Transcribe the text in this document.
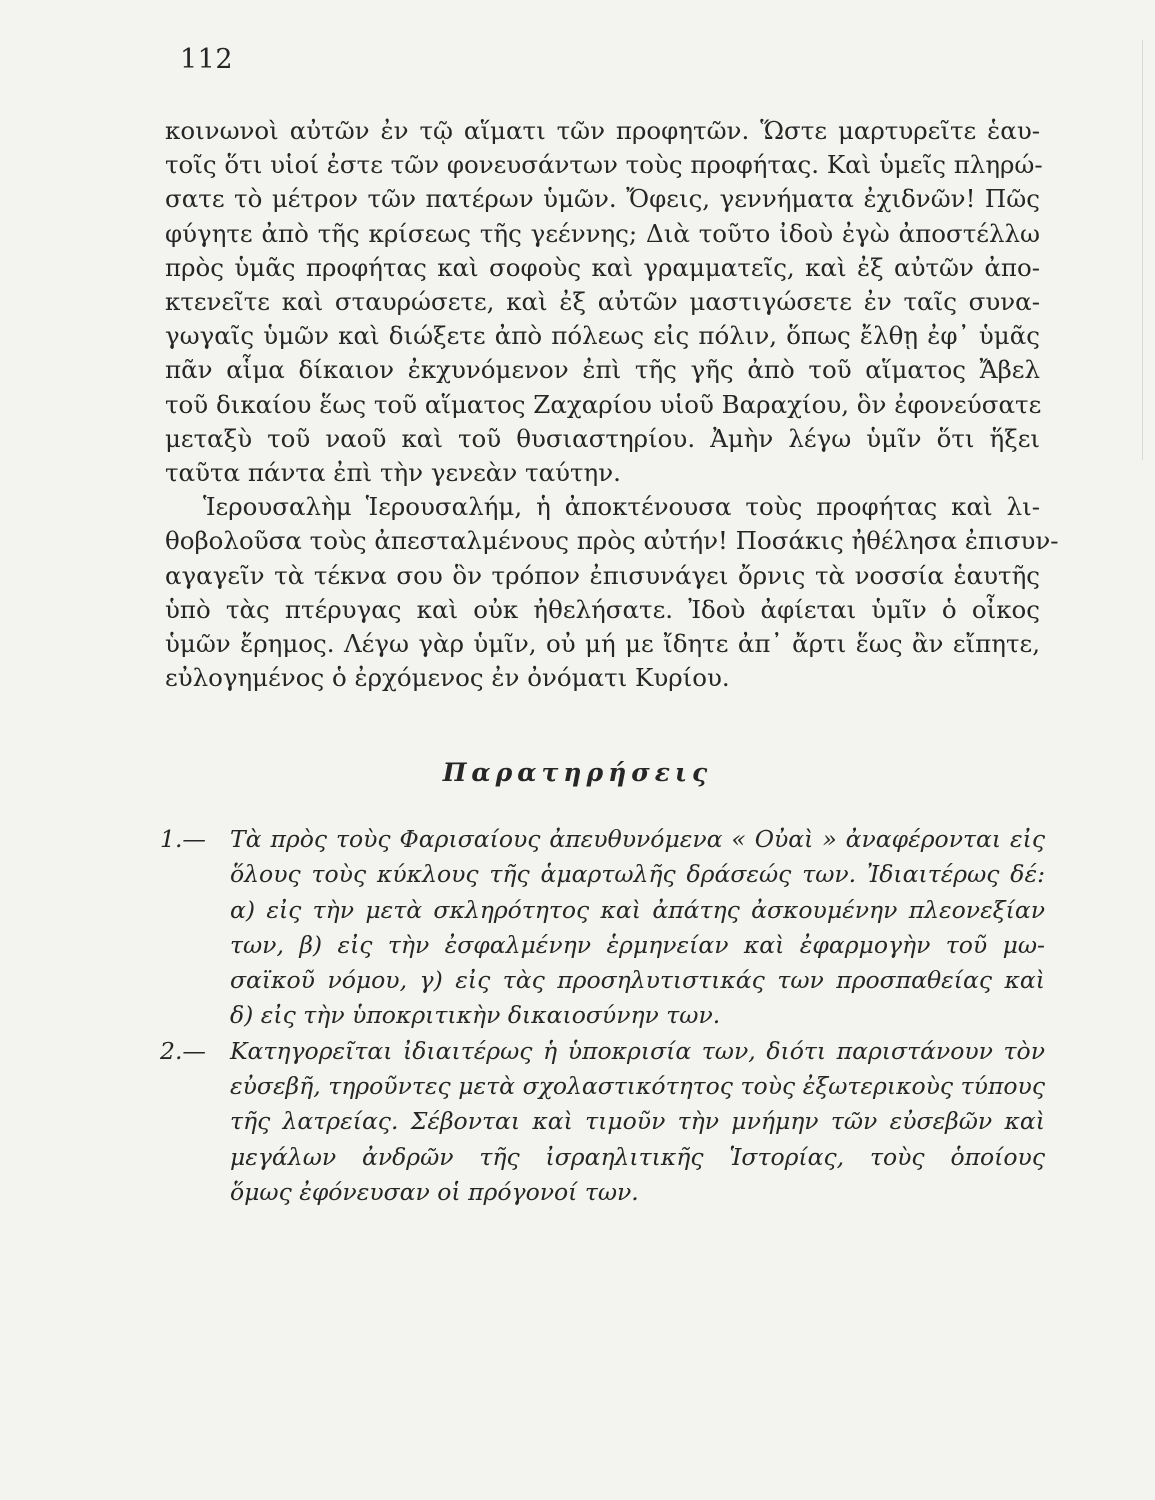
112
κοινωνοὶ αὐτῶν ἐν τῷ αἵματι τῶν προφητῶν. Ὥστε μαρτυρεῖτε ἑαυ-
τοῖς ὅτι υἱοί ἐστε τῶν φονευσάντων τοὺς προφήτας. Καὶ ὑμεῖς πληρώ-
σατε τὸ μέτρον τῶν πατέρων ὑμῶν. Ὄφεις, γεννήματα ἐχιδνῶν! Πῶς
φύγητε ἀπὸ τῆς κρίσεως τῆς γεέννης; Διὰ τοῦτο ἰδοὺ ἐγὼ ἀποστέλλω
πρὸς ὑμᾶς προφήτας καὶ σοφοὺς καὶ γραμματεῖς, καὶ ἐξ αὐτῶν ἀπο-
κτενεῖτε καὶ σταυρώσετε, καὶ ἐξ αὐτῶν μαστιγώσετε ἐν ταῖς συνα-
γωγαῖς ὑμῶν καὶ διώξετε ἀπὸ πόλεως εἰς πόλιν, ὅπως ἔλθῃ ἐφ᾽ ὑμᾶς
πᾶν αἷμα δίκαιον ἐκχυνόμενον ἐπὶ τῆς γῆς ἀπὸ τοῦ αἵματος Ἄβελ
τοῦ δικαίου ἕως τοῦ αἵματος Ζαχαρίου υἱοῦ Βαραχίου, ὃν ἐφονεύσατε
μεταξὺ τοῦ ναοῦ καὶ τοῦ θυσιαστηρίου. Ἀμὴν λέγω ὑμῖν ὅτι ἥξει
ταῦτα πάντα ἐπὶ τὴν γενεὰν ταύτην.
Ἱερουσαλὴμ Ἱερουσαλήμ, ἡ ἀποκτένουσα τοὺς προφήτας καὶ λι-
θοβολοῦσα τοὺς ἀπεσταλμένους πρὸς αὐτήν! Ποσάκις ἠθέλησα ἐπισυν-
αγαγεῖν τὰ τέκνα σου ὃν τρόπον ἐπισυνάγει ὄρνις τὰ νοσσία ἑαυτῆς
ὑπὸ τὰς πτέρυγας καὶ οὐκ ἠθελήσατε. Ἰδοὺ ἀφίεται ὑμῖν ὁ οἶκος
ὑμῶν ἔρημος. Λέγω γὰρ ὑμῖν, οὐ μή με ἴδητε ἀπ᾽ ἄρτι ἕως ἂν εἴπητε,
εὐλογημένος ὁ ἐρχόμενος ἐν ὀνόματι Κυρίου.
Παρατηρήσεις
1.— Τὰ πρὸς τοὺς Φαρισαίους ἀπευθυνόμενα « Οὐαὶ » ἀναφέρονται εἰς
ὅλους τοὺς κύκλους τῆς ἁμαρτωλῆς δράσεώς των. Ἰδιαιτέρως δέ:
α) εἰς τὴν μετὰ σκληρότητος καὶ ἀπάτης ἀσκουμένην πλεονεξίαν
των, β) εἰς τὴν ἐσφαλμένην ἑρμηνείαν καὶ ἐφαρμογὴν τοῦ μω-
σαϊκοῦ νόμου, γ) εἰς τὰς προσηλυτιστικάς των προσπαθείας καὶ
δ) εἰς τὴν ὑποκριτικὴν δικαιοσύνην των.
2.— Κατηγορεῖται ἰδιαιτέρως ἡ ὑποκρισία των, διότι παριστάνουν τὸν
εὐσεβῆ, τηροῦντες μετὰ σχολαστικότητος τοὺς ἐξωτερικοὺς τύπους
τῆς λατρείας. Σέβονται καὶ τιμοῦν τὴν μνήμην τῶν εὐσεβῶν καὶ
μεγάλων ἀνδρῶν τῆς ἰσραηλιτικῆς Ἱστορίας, τοὺς ὁποίους
ὅμως ἐφόνευσαν οἱ πρόγονοί των.
